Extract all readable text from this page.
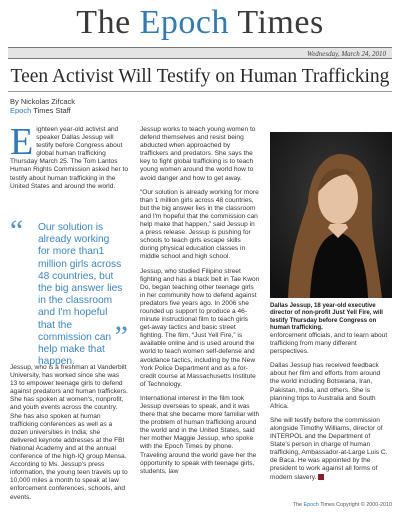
The Epoch Times
Wednesday, March 24, 2010
Teen Activist Will Testify on Human Trafficking
By Nickolas Zifcack
Epoch Times Staff

Eighteen year-old activist and speaker Dallas Jessup will testify before Congress about global human trafficking Thursday March 25. The Tom Lantos Human Rights Commission asked her to testify about human trafficking in the United States and around the world.

“ Our solution is already working for more than1 million girls across 48 countries, but the big answer lies in the classroom and I'm hopeful that the commission can help make that happen.
”

Jessup, who is a freshman at Vanderbilt University, has worked since she was 13 to empower teenage girls to defend against predators and human traffickers. She has spoken at women's, nonprofit, and youth events across the country. She has also spoken at human trafficking conferences as well as a dozen universities in India; she delivered keynote addresses at the FBI National Academy and at the annual conference of the high-IQ group Mensa. According to Ms. Jessup's press information, the young teen travels up to 10,000 miles a month to speak at law enforcement conferences, schools, and events.

Jessup works to teach young women to defend themselves and resist being abducted when approached by traffickers and predators. She says the key to fight global trafficking is to teach young women around the world how to avoid danger and how to get away.

“Our solution is already working for more than 1 million girls across 48 countries, but the big answer lies in the classroom and I'm hopeful that the commission can help make that happen,” said Jessup in a press release. Jessup is pushing for schools to teach girls escape skills during physical education classes in middle school and high school.

Jessup, who studied Filipino street fighting and has a black belt in Tae Kwon Do, began teaching other teenage girls in her community how to defend against predators five years ago. In 2006 she rounded up support to produce a 46-minute instructional film to teach girls get-away tactics and basic street fighting. The film, “Just Yell Fire,” is available online and is used around the world to teach women self-defense and avoidance tactics, including by the New York Police Department and as a for-credit course at Massachusetts Institute of Technology.

International interest in the film took Jessup overseas to speak, and it was there that she became more familiar with the problem of human trafficking around the world and in the United States, said her mother Maggie Jessup, who spoke with the Epoch Times by phone. Traveling around the world gave her the opportunity to speak with teenage girls, students, law

Dallas Jessup, 18 year-old executive director of non-profit Just Yell Fire, will testify Thursday before Congress on human trafficking.

enforcement officials, and to learn about trafficking from many different perspectives.

Dallas Jessup has received feedback about her film and efforts from around the world including Botswana, Iran, Pakistan, India, and others. She is planning trips to Australia and South Africa.

She will testify before the commission alongside Timothy Williams, director of INTERPOL and the Department of State's person in charge of human trafficking, Ambassador-at-Large Luis C. de Baca. He was appointed by the president to work against all forms of modern slavery.

The Epoch Times Copyright © 2000-2010
